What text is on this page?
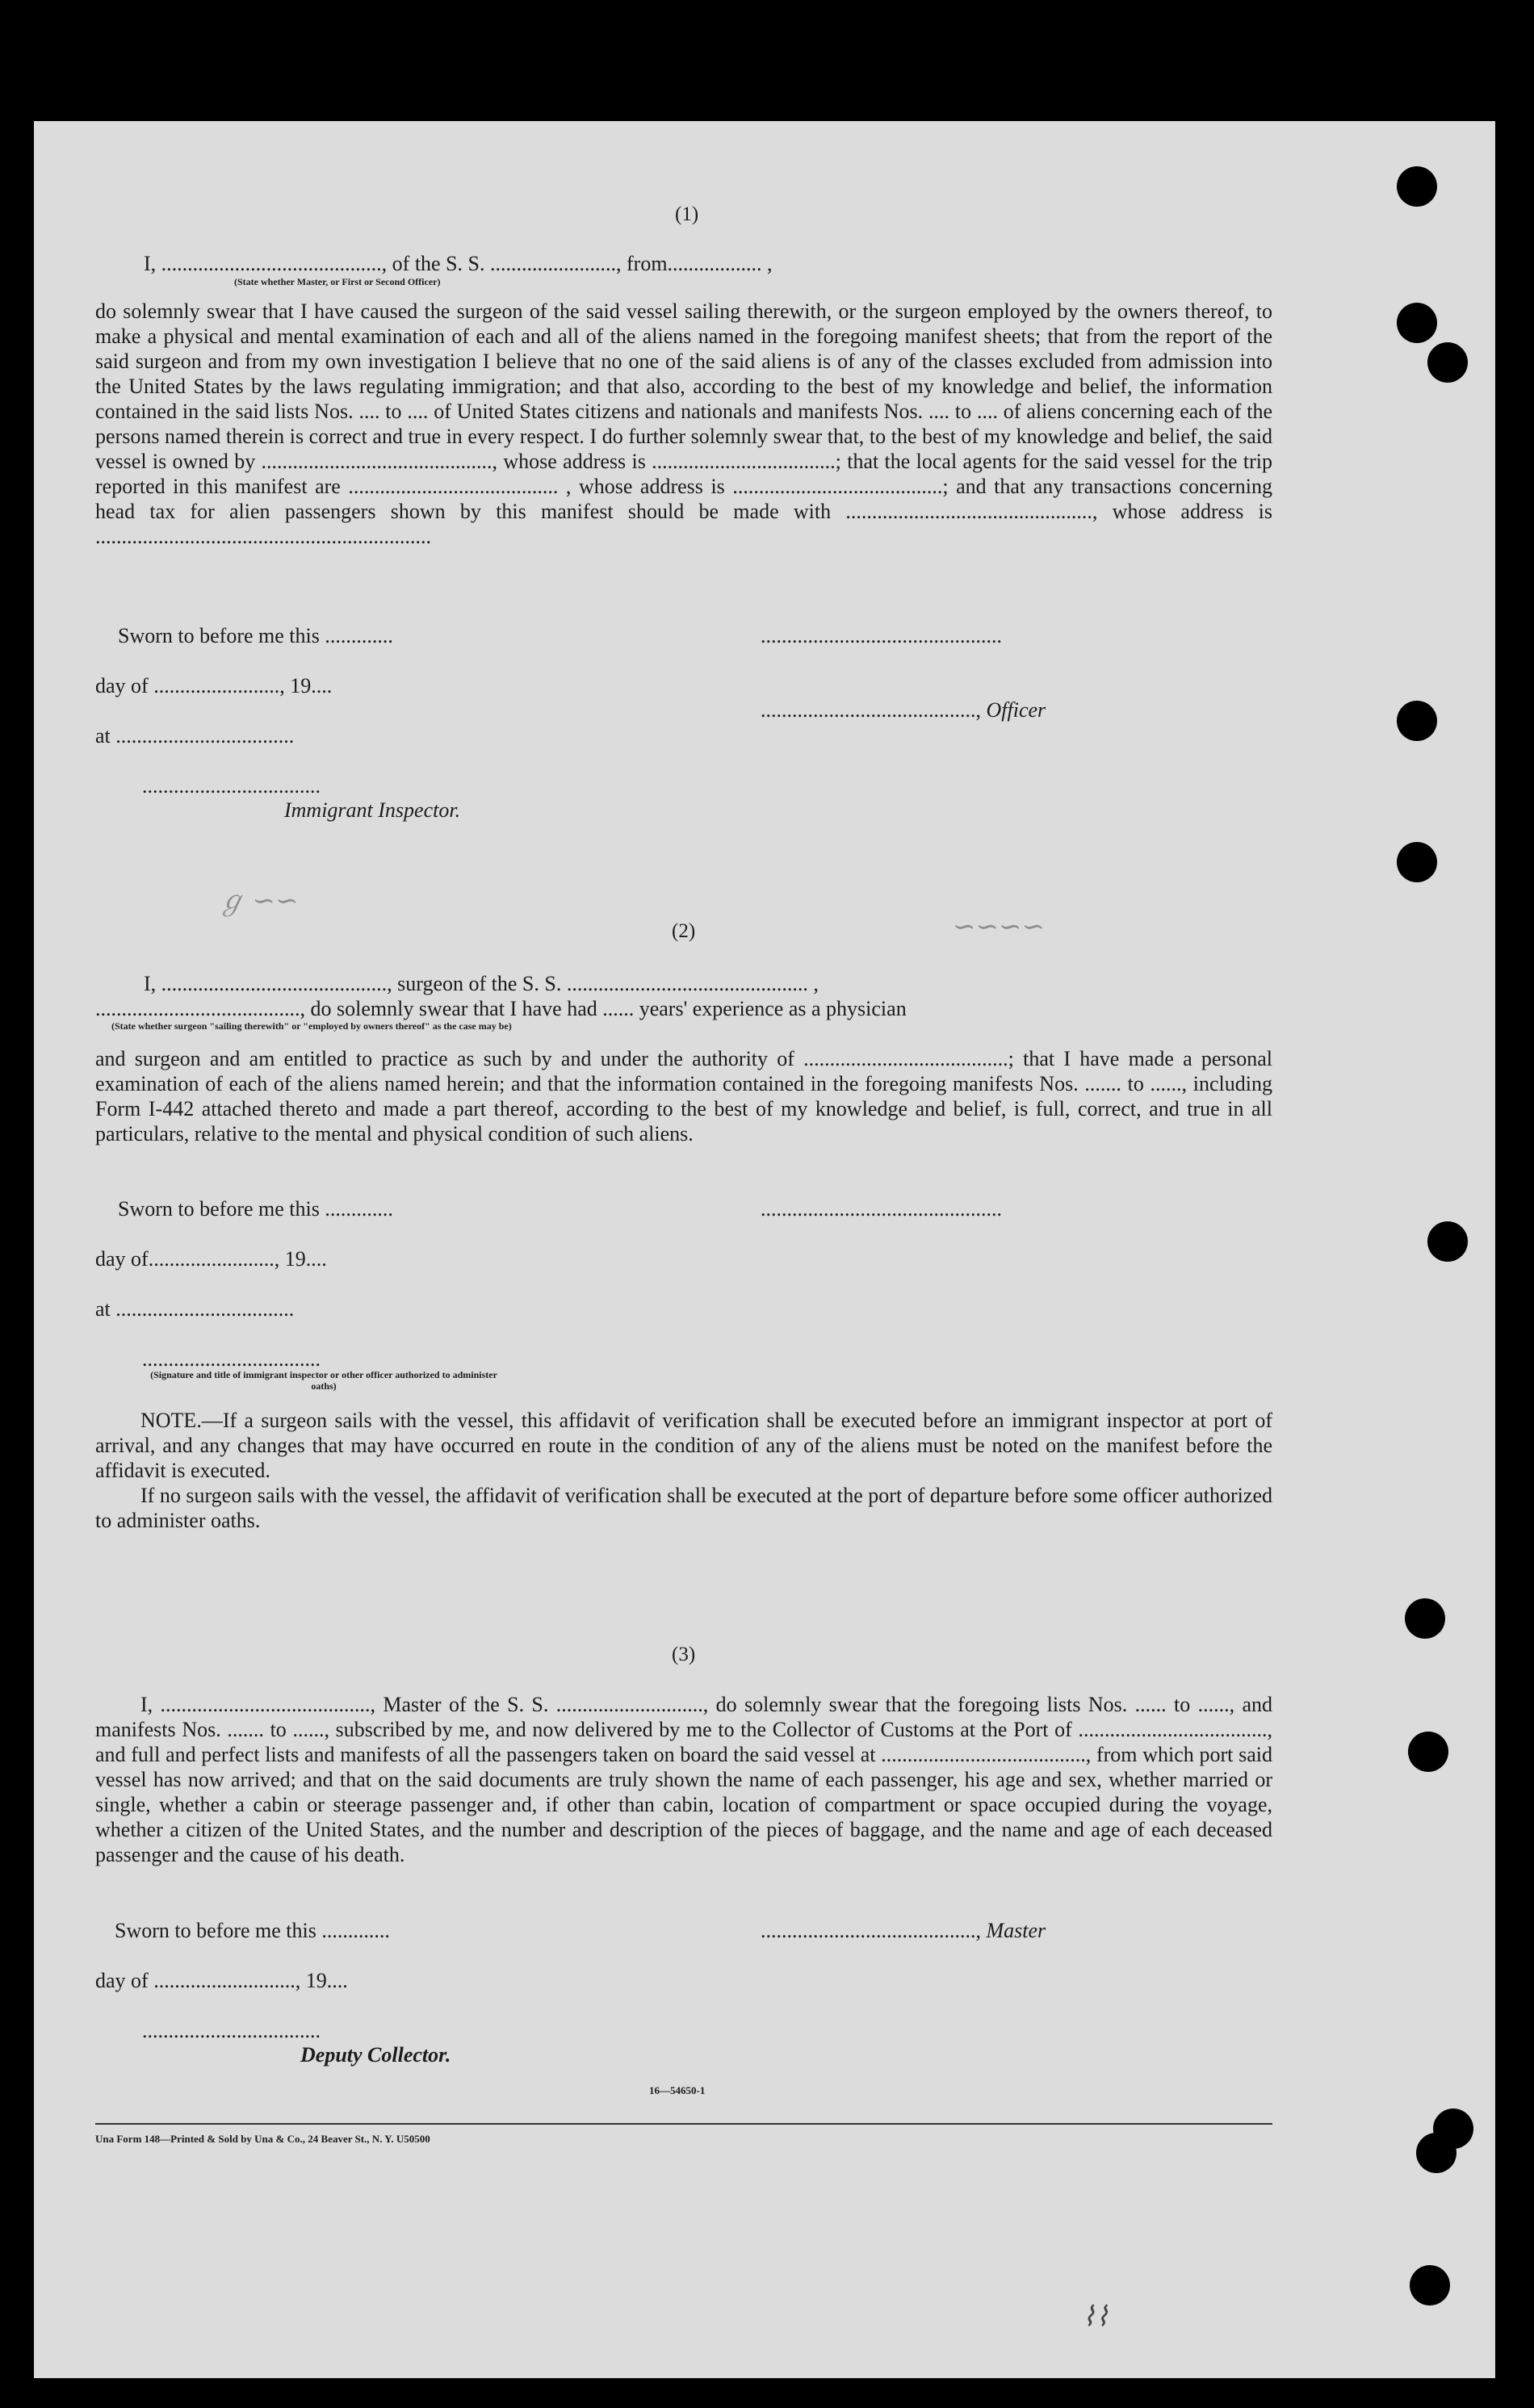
(1)
I, .........................................., of the S. S. ........................, from.................. ,
(State whether Master, or First or Second Officer)
do solemnly swear that I have caused the surgeon of the said vessel sailing therewith, or the surgeon employed by the owners thereof, to make a physical and mental examination of each and all of the aliens named in the foregoing manifest sheets; that from the report of the said surgeon and from my own investigation I believe that no one of the said aliens is of any of the classes excluded from admission into the United States by the laws regulating immigration; and that also, according to the best of my knowledge and belief, the information contained in the said lists Nos. .... to .... of United States citizens and nationals and manifests Nos. .... to .... of aliens concerning each of the persons named therein is correct and true in every respect. I do further solemnly swear that, to the best of my knowledge and belief, the said vessel is owned by ............................................, whose address is ...................................; that the local agents for the said vessel for the trip reported in this manifest are ........................................ , whose address is ........................................; and that any transactions concerning head tax for alien passengers shown by this manifest should be made with ..............................................., whose address is ................................................................
Sworn to before me this .............	..............................................
day of ........................, 19....
........................................., Officer
at ..................................
..................................
Immigrant Inspector.
ℊ ∽∽
∽∽∽∽
(2)
I, ..........................................., surgeon of the S. S. .............................................. ,
......................................., do solemnly swear that I have had ...... years' experience as a physician
(State whether surgeon "sailing therewith" or "employed by owners thereof" as the case may be)
and surgeon and am entitled to practice as such by and under the authority of .......................................; that I have made a personal examination of each of the aliens named herein; and that the information contained in the foregoing manifests Nos. ....... to ......, including Form I-442 attached thereto and made a part thereof, according to the best of my knowledge and belief, is full, correct, and true in all particulars, relative to the mental and physical condition of such aliens.
Sworn to before me this .............	..............................................
day of........................, 19....
at ..................................
..................................
(Signature and title of immigrant inspector or other officer authorized to administer oaths)
NOTE.—If a surgeon sails with the vessel, this affidavit of verification shall be executed before an immigrant inspector at port of arrival, and any changes that may have occurred en route in the condition of any of the aliens must be noted on the manifest before the affidavit is executed.
If no surgeon sails with the vessel, the affidavit of verification shall be executed at the port of departure before some officer authorized to administer oaths.
(3)
I, ........................................, Master of the S. S. ............................, do solemnly swear that the foregoing lists Nos. ...... to ......, and manifests Nos. ....... to ......, subscribed by me, and now delivered by me to the Collector of Customs at the Port of ...................................., and full and perfect lists and manifests of all the passengers taken on board the said vessel at ......................................., from which port said vessel has now arrived; and that on the said documents are truly shown the name of each passenger, his age and sex, whether married or single, whether a cabin or steerage passenger and, if other than cabin, location of compartment or space occupied during the voyage, whether a citizen of the United States, and the number and description of the pieces of baggage, and the name and age of each deceased passenger and the cause of his death.
Sworn to before me this .............	........................................., Master
day of ..........................., 19....
..................................
Deputy Collector.
16—54650-1
Una Form 148—Printed & Sold by Una & Co., 24 Beaver St., N. Y. U50500
⌇⌇
